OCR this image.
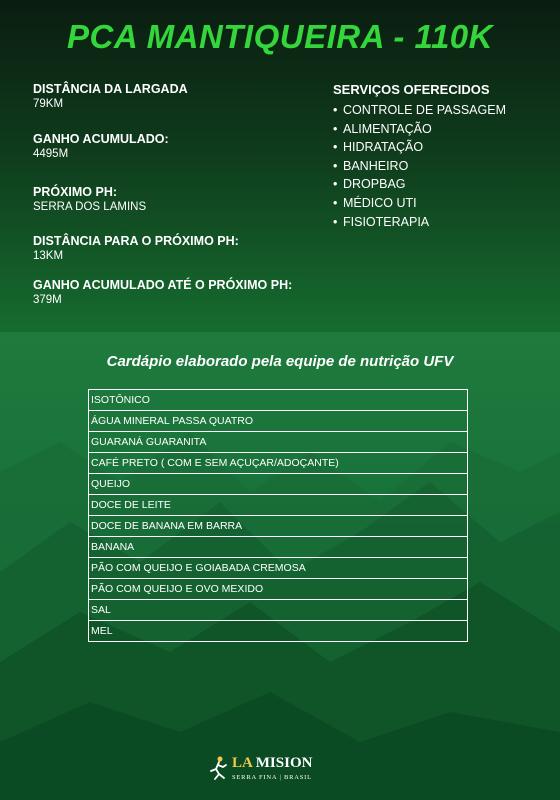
PCA MANTIQUEIRA - 110K
DISTÂNCIA DA LARGADA
79KM
GANHO ACUMULADO:
4495M
PRÓXIMO PH:
SERRA DOS LAMINS
DISTÂNCIA PARA O PRÓXIMO PH:
13KM
GANHO ACUMULADO ATÉ O PRÓXIMO PH:
379M
SERVIÇOS OFERECIDOS
• CONTROLE DE PASSAGEM
• ALIMENTAÇÃO
• HIDRATAÇÃO
• BANHEIRO
• DROPBAG
• MÉDICO UTI
• FISIOTERAPIA
Cardápio elaborado pela equipe de nutrição UFV
ISOTÔNICO
ÁGUA MINERAL PASSA QUATRO
GUARANÁ GUARANITA
CAFÉ PRETO ( COM E SEM AÇUÇAR/ADOÇANTE)
QUEIJO
DOCE DE LEITE
DOCE DE BANANA EM BARRA
BANANA
PÃO COM QUEIJO E GOIABADA CREMOSA
PÃO COM QUEIJO E OVO MEXIDO
SAL
MEL
LA MISION
SERRA FINA | BRASIL
